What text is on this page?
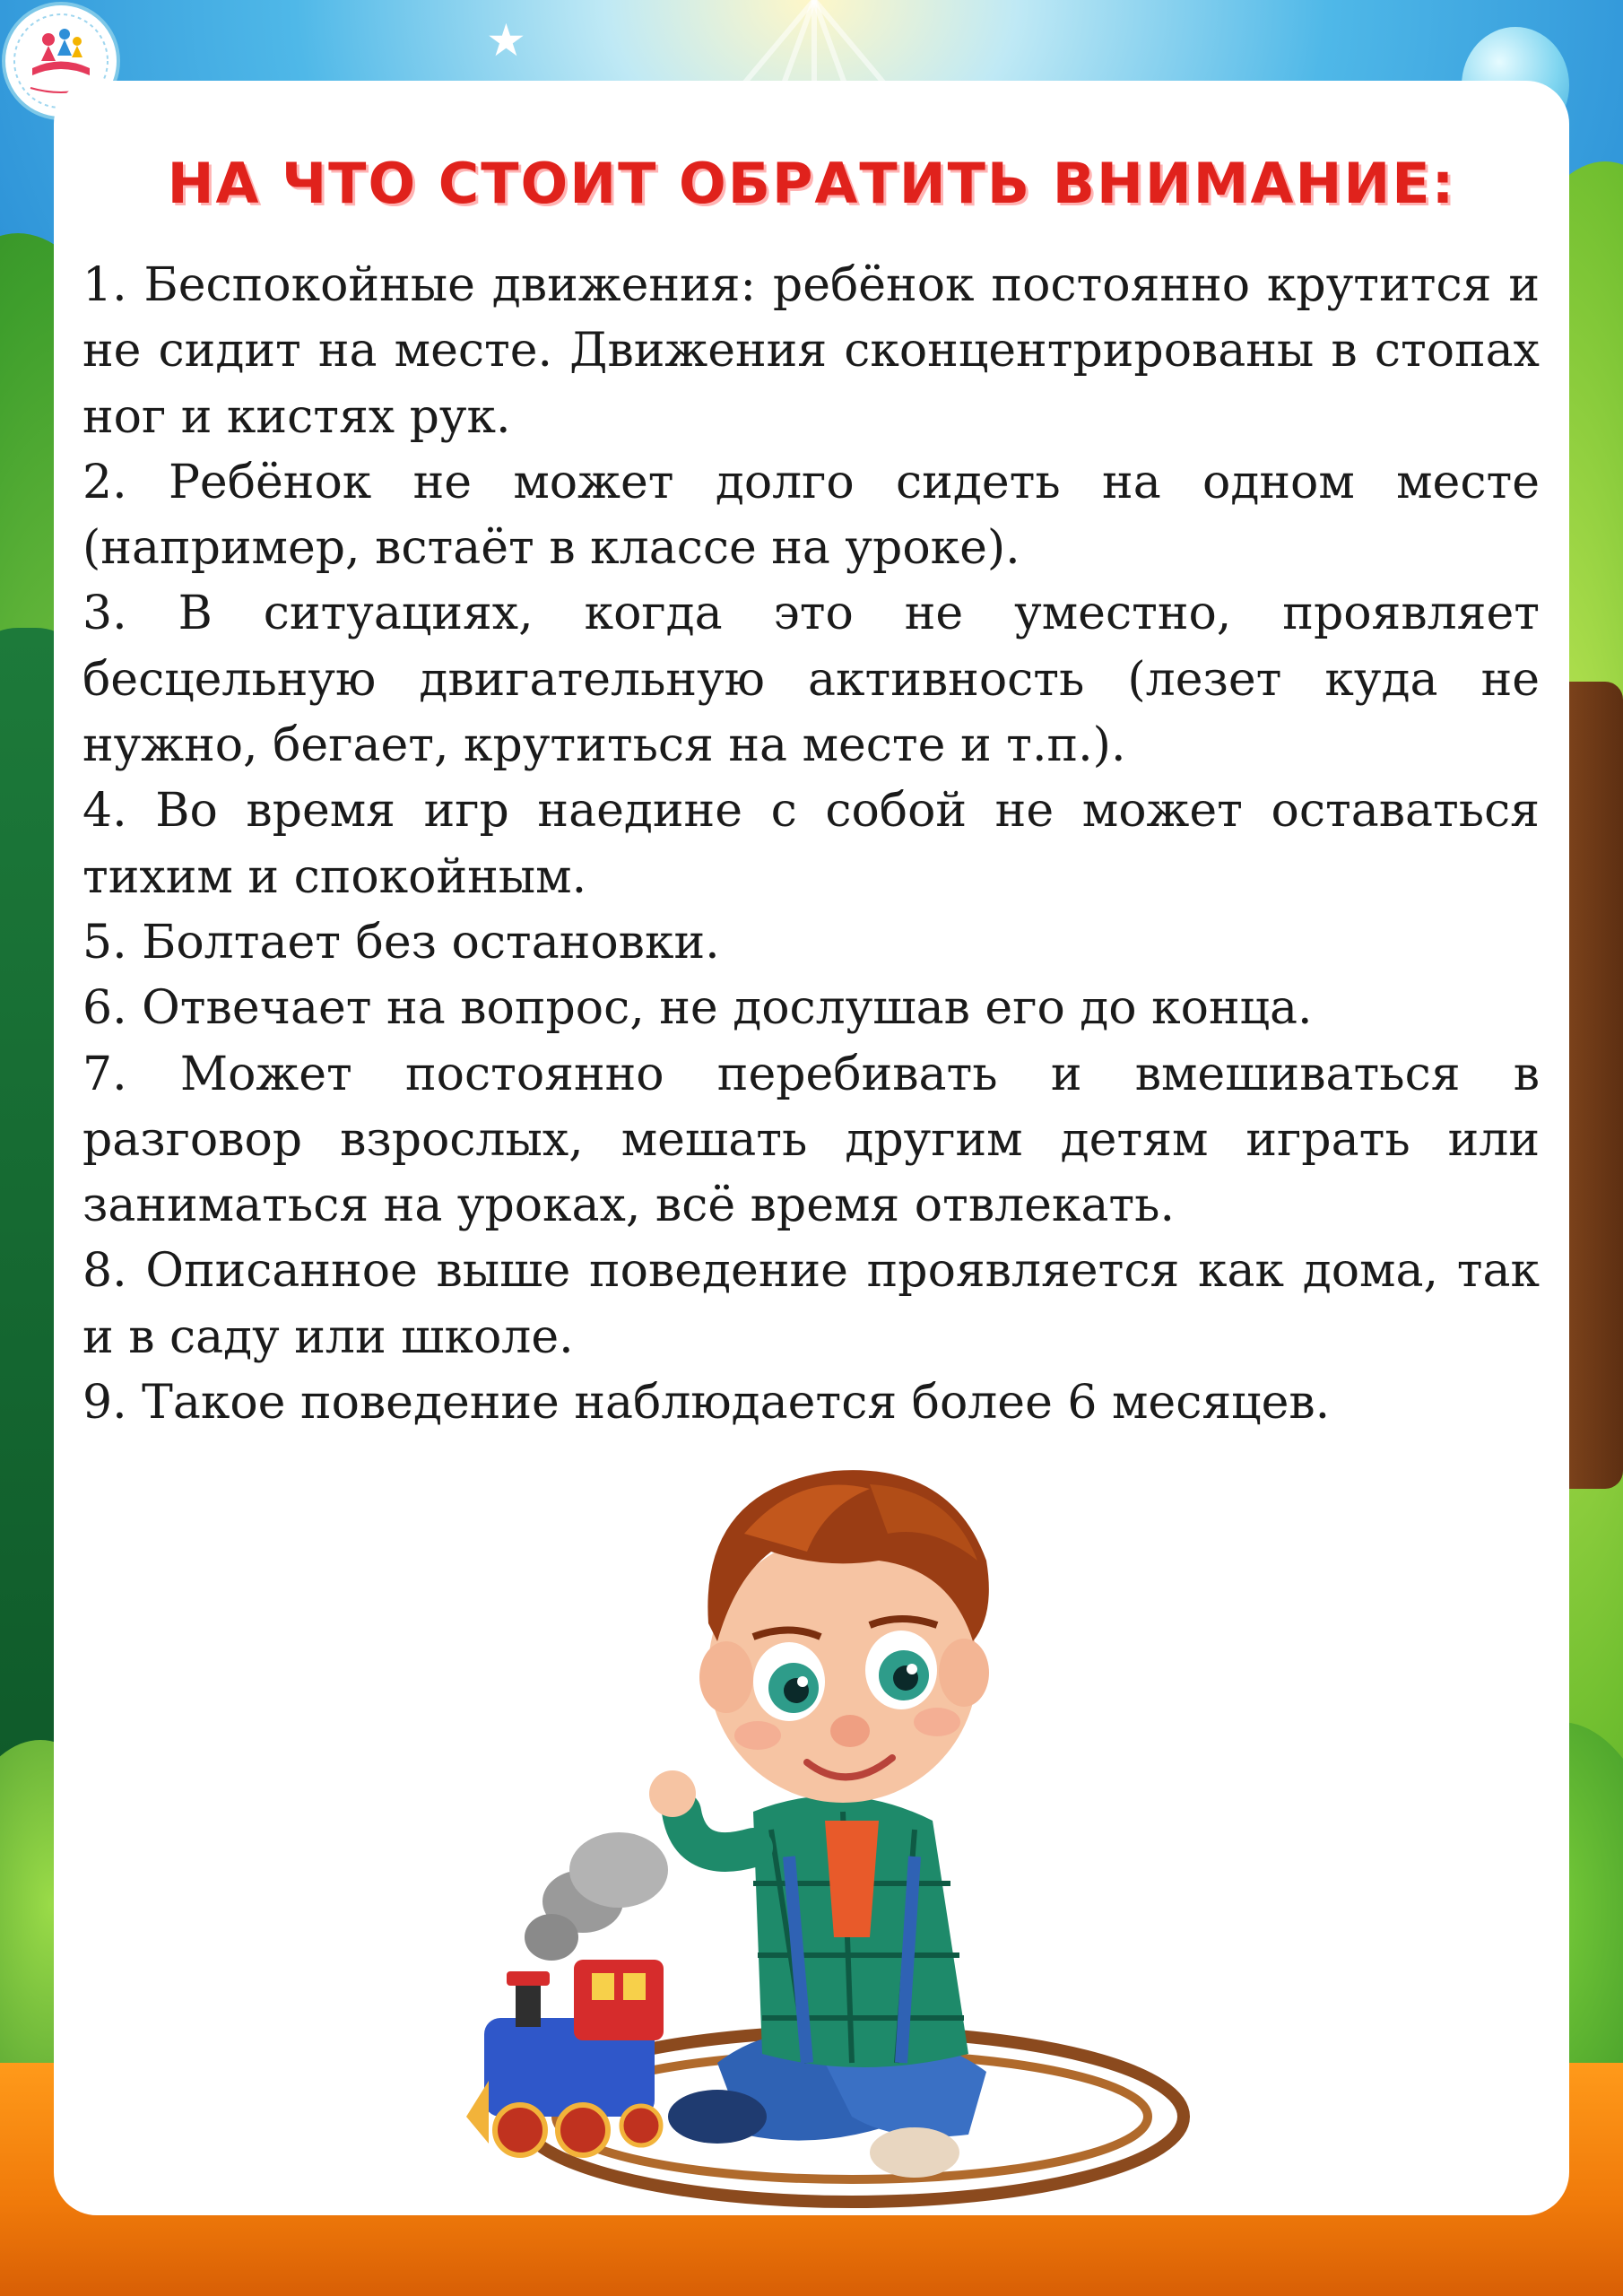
★
НА ЧТО СТОИТ ОБРАТИТЬ ВНИМАНИЕ:
1. Беспокойные движения: ребёнок постоянно крутится и не сидит на месте. Движения сконцентрированы в стопах ног и кистях рук.
2. Ребёнок не может долго сидеть на одном месте (например, встаёт в классе на уроке).
3. В ситуациях, когда это не уместно, проявляет бесцельную двигательную активность (лезет куда не нужно, бегает, крутиться на месте и т.п.).
4. Во время игр наедине с собой не может оставаться тихим и спокойным.
5. Болтает без остановки.
6. Отвечает на вопрос, не дослушав его до конца.
7. Может постоянно перебивать и вмешиваться в разговор взрослых, мешать другим детям играть или заниматься на уроках, всё время отвлекать.
8. Описанное выше поведение проявляется как дома, так и в саду или школе.
9. Такое поведение наблюдается более 6 месяцев.
